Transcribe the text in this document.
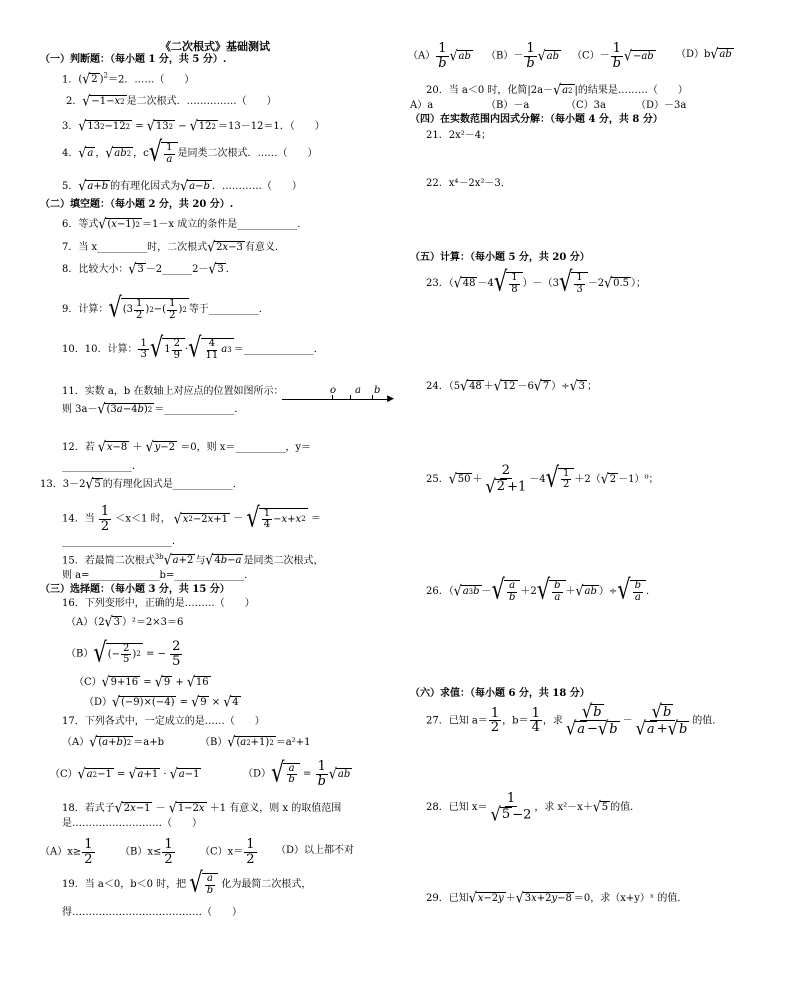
《二次根式》基础测试
（一）判断题：（每小题 1 分，共 5 分）.
1．( √ 2 )$^2$＝2．……（　　）
2． √ −1− x 2 是二次根式．……………（　　）
3． √ 13 2 −12 2 = √ 13 2 − √ 12 2 ＝13－12＝1．（　　）
4． √ a ， √ ab 2 ，c √ $\frac{1}{a}$ 是同类二次根式．……（　　）
5． √ a + b 的有理化因式为 √ a − b ．…………（　　）
（二）填空题：（每小题 2 分，共 20 分）.
6．等式 √ ( x −1) 2 ＝1－x 成立的条件是____________．
7．当 x__________时，二次根式 √ 2 x −3 有意义．
8．比较大小： √ 3 －2______2－ √ 3 ．
9．计算： √ ($3 \frac{1}{2}$ ) 2 −( $\frac{1}{2}$ ) 2 等于__________．
10．10．计算： $\frac{1}{3}$ √ $1 \frac{2}{9}$ · √ $\frac{4}{11}$ a 3 ＝______________．
11．实数 a，b 在数轴上对应点的位置如图所示：
▶
o a b
则 3a－ √ (3 a −4 b ) 2 ＝______________．
12．若 √ x −8 ＋ √ y −2 ＝0，则 x＝__________，y＝
______________．
13．3－2 √ 5 的有理化因式是____________．
14．当 $\frac{1}{2} <x<1$ 时， √ x 2 −2 x +1 － √ $\frac{1}{4} - x + x$ 2 ＝
______________________．
15．若最简二次根式$^{3b}$ √ a +2 与 √ 4 b − a 是同类二次根式，
则 a=______________b=______________．
（三）选择题：（每小题 3 分，共 15 分）
16．下列变形中，正确的是………（　　）
（A）（2 √ 3 ）²＝2×3＝6
（B） √ (− $\frac{2}{5}$ ) 2 = − $\frac{2}{5}$
（C） √ 9+16 = √ 9 + √ 16
（D） √ (−9)×(−4) = √ 9 × √ 4
17．下列各式中，一定成立的是……（　　）
（A） √ ( a + b ) 2 ＝a+b	（B） √ ( a 2 +1) 2 ＝a²+1
（C） √ a 2 −1 = √ a +1 · √ a −1	（D） √ $\frac{a}{b} = \frac{1}{b}$ √ ab
18．若式子 √ 2 x −1 － √ 1−2 x ＋1 有意义，则 x 的取值范围
是………………………（　　）
$(A)x\ge \frac{1}{2}$	$(B)x\le \frac{1}{2}$	$(C)x= \frac{1}{2} (D)$以上都不对
19．当 a＜0，b＜0 时，把 √ $\frac{a}{b}$ 化为最简二次根式，
得…………………………………（　　）
$(A) \frac{1}{b}$ √ ab $(B)- \frac{1}{b}$ √ ab $(C)- \frac{1}{b}$ √ − ab （D）b √ ab
20．当 a＜0 时，化简|2a－ √ a 2 |的结果是………（　　）
A）a	（B）－a	（C）3a	（D）－3a
（四）在实数范围内因式分解：（每小题 4 分，共 8 分）
21．2x²－4；
22．x⁴－2x²－3．
（五）计算：（每小题 5 分，共 20 分）
23．（ √ 48 －4 √ $\frac{1}{8} )-(3$ √ $\frac{1}{3} -2$ √ 0.5 ）；
24．（5 √ 48 ＋ √ 12 －6 √ 7 ）÷ √ 3 ；
25． √ $50 + \frac{2}{√ 2 +1} -4$ √ $\frac{1}{2} +2$（ √ 2 －1）⁰；
26．（ √ a 3 b － √ $\frac{a}{b} +2$ √ $\frac{b}{a}$ ＋ √ ab ）÷ √ $\frac{b}{a}$ ．
（六）求值：（每小题 6 分，共 18 分）
27．已知 $a= \frac{1}{2}$ ，$b= \frac{1}{4}$ ，求 $\frac{√ b}{√ a - √ b} - \frac{√ b}{√ a + √ b}$ 的值．
28．已知 $x= \frac{1}{√ 5 -2}$ ，求 x²－x＋ √ 5 的值．
29．已知 √ x −2 y ＋ √ 3 x +2 y −8 ＝0，求（x+y）ˣ 的值．
